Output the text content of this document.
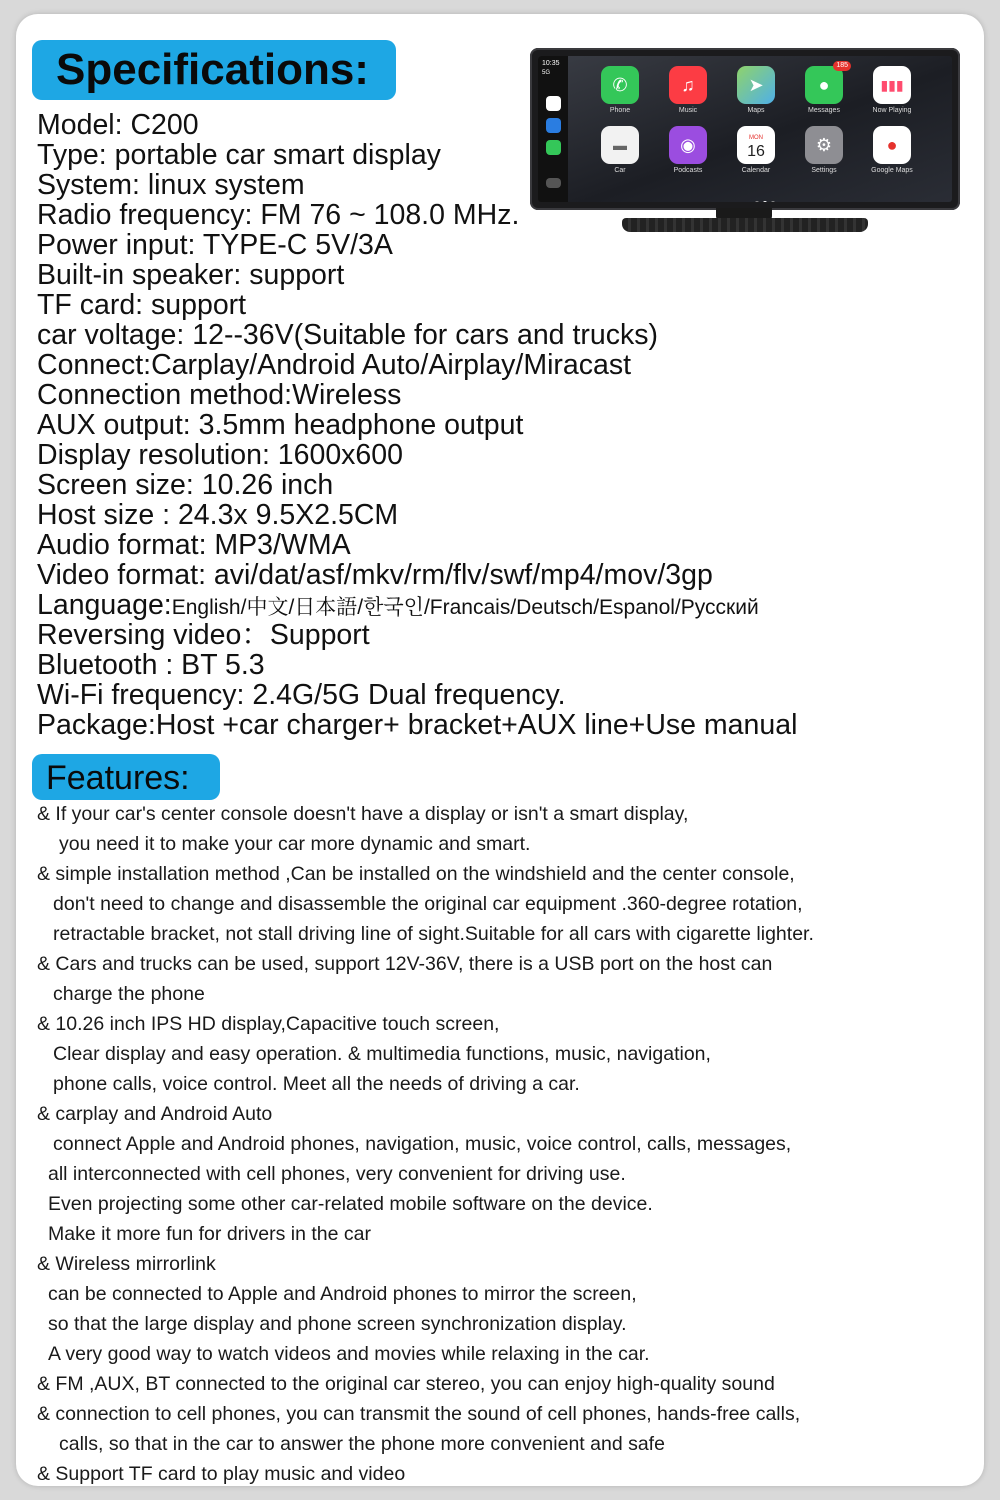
Specifications:
Model: C200
Type: portable car smart display
System: linux system
Radio frequency: FM 76 ~ 108.0 MHz.
Power input: TYPE-C 5V/3A
Built-in speaker: support
TF card: support
car voltage: 12--36V(Suitable for cars and trucks)
Connect:Carplay/Android Auto/Airplay/Miracast
Connection method:Wireless
AUX output: 3.5mm headphone output
Display resolution: 1600x600
Screen size: 10.26 inch
Host size : 24.3x 9.5X2.5CM
Audio format: MP3/WMA
Video format: avi/dat/asf/mkv/rm/flv/swf/mp4/mov/3gp
Language:English/中文/日本語/한국인/Francais/Deutsch/Espanol/Русский
Reversing video：Support
Bluetooth : BT 5.3
Wi-Fi frequency: 2.4G/5G Dual frequency.
Package:Host +car charger+ bracket+AUX line+Use manual
10:35
5G
✆
Phone
♫
Music
➤
Maps
●
185
Messages
▮▮▮
Now Playing
▬
Car
◉
Podcasts
MON
16
Calendar
⚙
Settings
●
Google Maps
Features:
& If your car's center console doesn't have a display or isn't a smart display,
you need it to make your car more dynamic and smart.
& simple installation method ,Can be installed on the windshield and the center console,
don't need to change and disassemble the original car equipment .360-degree rotation,
retractable bracket, not stall driving line of sight.Suitable for all cars with cigarette lighter.
& Cars and trucks can be used, support 12V-36V, there is a USB port on the host can
charge the phone
& 10.26 inch IPS HD display,Capacitive touch screen,
Clear display and easy operation. & multimedia functions, music, navigation,
phone calls, voice control. Meet all the needs of driving a car.
& carplay and Android Auto
connect Apple and Android phones, navigation, music, voice control, calls, messages,
all interconnected with cell phones, very convenient for driving use.
Even projecting some other car-related mobile software on the device.
Make it more fun for drivers in the car
& Wireless mirrorlink
can be connected to Apple and Android phones to mirror the screen,
so that the large display and phone screen synchronization display.
A very good way to watch videos and movies while relaxing in the car.
& FM ,AUX, BT connected to the original car stereo, you can enjoy high-quality sound
& connection to cell phones, you can transmit the sound of cell phones, hands-free calls,
calls, so that in the car to answer the phone more convenient and safe
& Support TF card to play music and video
